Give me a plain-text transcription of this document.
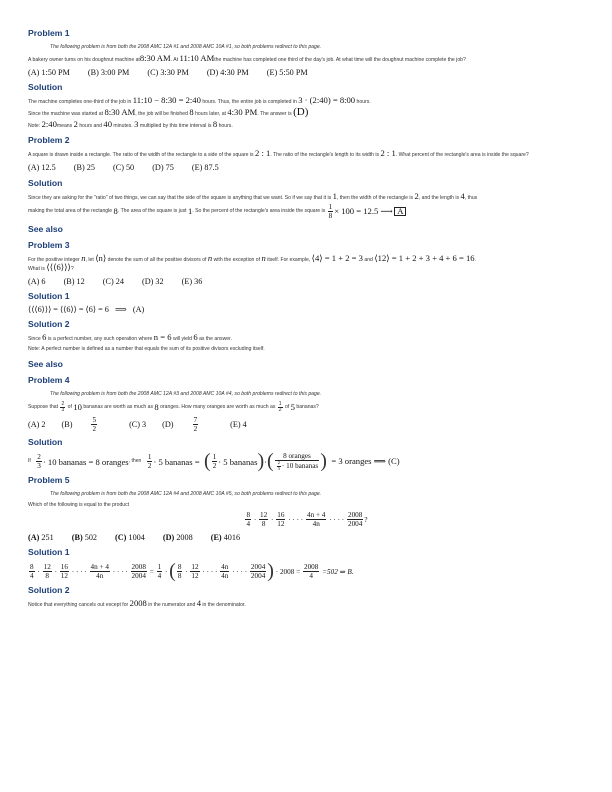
Problem 1

The following problem is from both the 2008 AMC 12A #1 and 2008 AMC 10A #1, so both problems redirect to this page.

A bakery owner turns on his doughnut machine at8:30 AM. At 11:10 AMthe machine has completed one third of the day's job. At what time will the doughnut machine complete the job?

(A) 1:50 PM (B) 3:00 PM (C) 3:30 PM (D) 4:30 PM (E) 5:50 PM
Solution

The machine completes one-third of the job in 11:10 − 8:30 = 2:40 hours. Thus, the entire job is completed in 3 · (2:40) = 8:00 hours.

Since the machine was started at 8:30 AM, the job will be finished 8 hours later, at 4:30 PM. The answer is (D)

Note: 2:40means 2 hours and 40 minutes. 3 multiplied by this time interval is 8 hours.

Problem 2

A square is drawn inside a rectangle. The ratio of the width of the rectangle to a side of the square is 2 : 1. The ratio of the rectangle's length to its width is 2 : 1. What percent of the rectangle's area is inside the square?

(A) 12.5 (B) 25 (C) 50 (D) 75 (E) 87.5
Solution

Since they are asking for the "ratio" of two things, we can say that the side of the square is anything that we want. So if we say that it is 1, then the width of the rectangle is 2, and the length is 4, thus

making the total area of the rectangle
8 . The area of the square is just
1 . So the percent of the rectangle's area inside the square is
$\frac{1}{8} \times 100 = 12.5$ ⟶
A

See also
Problem 3

For the positive integer n, let ⟨n⟩ denote the sum of all the positive divisors of n with the exception of n itself. For example, ⟨4⟩ = 1 + 2 = 3 and ⟨12⟩ = 1 + 2 + 3 + 4 + 6 = 16.

What is ⟨⟨⟨6⟩⟩⟩?

(A) 6 (B) 12 (C) 24 (D) 32 (E) 36
Solution 1
⟨⟨⟨6⟩⟩⟩ = ⟨⟨6⟩⟩ = ⟨6⟩ = 6   ⟹   (A)
Solution 2

Since 6 is a perfect number, any such operation where n = 6 will yield 6 as the answer.

Note: A perfect number is defined as a number that equals the sum of its positive divisors excluding itself.

See also
Problem 4

The following problem is from both the 2008 AMC 12A #3 and 2008 AMC 10A #4, so both problems redirect to this page.

Suppose that
$\frac{2}{3}$
of
10
bananas are worth as much as
8
oranges. How many oranges are worth as much as
$\frac{1}{2}$
of
5
bananas?

(A) 2 (B)	$\frac{5}{2} (C)$ 3 (D)	$\frac{7}{2} (E)$ 4
Solution
If
$\frac{2}{3} \cdot 10$ bananas = 8 oranges , then
$\frac{1}{2} \cdot 5$ bananas =
( $\frac{1}{2} \cdot 5$ bananas ) · ( $\frac{\text{8 oranges}}{\frac{2}{3} \cdot 10 bananas}$ )
= 3 oranges ⟹ (C)
Problem 5

The following problem is from both the 2008 AMC 12A #4 and 2008 AMC 10A #5, so both problems redirect to this page.

Which of the following is equal to the product

$\frac{8}{4} \cdot \frac{12}{8} \cdot \frac{16}{12}$ · · · · $\frac{4n + 4}{4n}$ · · · · $\frac{2008}{2004}$ ?
(A) 251 (B) 502 (C) 1004 (D) 2008 (E) 4016
Solution 1
$\frac{8}{4} \cdot \frac{12}{8} \cdot \frac{16}{12}$ · · · · $\frac{4n + 4}{4n}$ · · · · $\frac{2008}{2004}$
=
$\frac{1}{4}$ · ( $\frac{8}{8} \cdot \frac{12}{12}$ · · · · $\frac{4n}{4n}$ · · · · $\frac{2004}{2004}$ )
· 2008 =
$\frac{2008}{4}$
=502 ⇒ B.
Solution 2

Notice that everything cancels out except for 2008 in the numerator and 4 in the denominator.
